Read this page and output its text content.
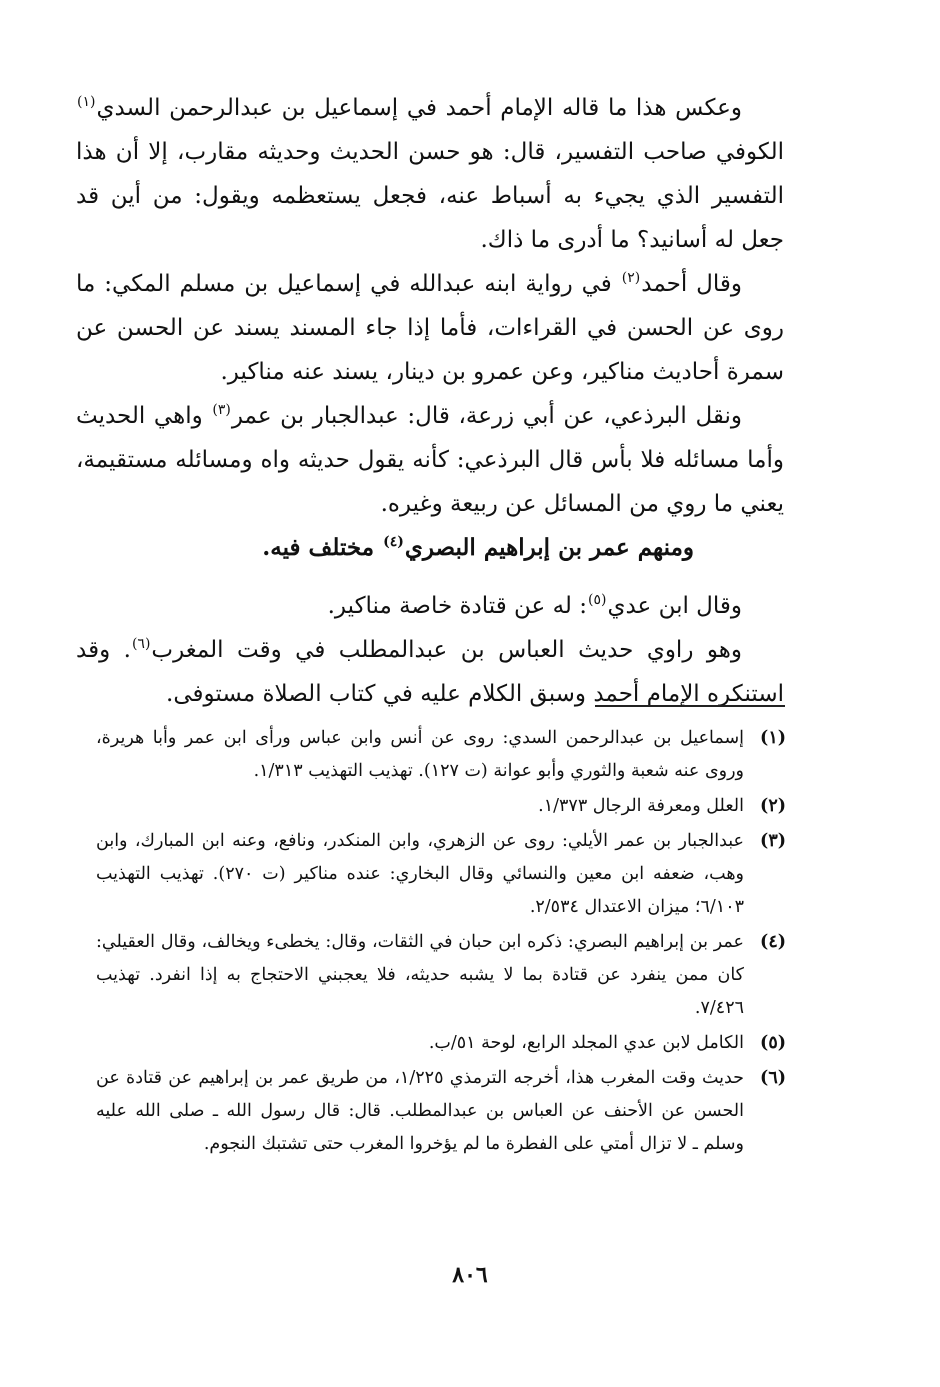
وعكس هذا ما قاله الإمام أحمد في إسماعيل بن عبدالرحمن السدي$^{(١)}$ الكوفي صاحب التفسير، قال: هو حسن الحديث وحديثه مقارب، إلا أن هذا التفسير الذي يجيء به أسباط عنه، فجعل يستعظمه ويقول: من أين قد جعل له أسانيد؟ ما أدرى ما ذاك.

وقال أحمد$^{(٢)}$ في رواية ابنه عبدالله في إسماعيل بن مسلم المكي: ما روى عن الحسن في القراءات، فأما إذا جاء المسند يسند عن الحسن عن سمرة أحاديث مناكير، وعن عمرو بن دينار، يسند عنه مناكير.

ونقل البرذعي، عن أبي زرعة، قال: عبدالجبار بن عمر$^{(٣)}$ واهي الحديث وأما مسائله فلا بأس قال البرذعي: كأنه يقول حديثه واه ومسائله مستقيمة، يعني ما روي من المسائل عن ربيعة وغيره.

ومنهم عمر بن إبراهيم البصري$^{(٤)}$ مختلف فيه.

وقال ابن عدي$^{(٥)}$: له عن قتادة خاصة مناكير.

وهو راوي حديث العباس بن عبدالمطلب في وقت المغرب$^{(٦)}$. وقد استنكره الإمام أحمد وسبق الكلام عليه في كتاب الصلاة مستوفى.

(١)
إسماعيل بن عبدالرحمن السدي: روى عن أنس وابن عباس ورأى ابن عمر وأبا هريرة، وروى عنه شعبة والثوري وأبو عوانة (ت ١٢٧). تهذيب التهذيب ١/٣١٣.
(٢)
العلل ومعرفة الرجال ١/٣٧٣.
(٣)
عبدالجبار بن عمر الأيلي: روى عن الزهري، وابن المنكدر، ونافع، وعنه ابن المبارك، وابن وهب، ضعفه ابن معين والنسائي وقال البخاري: عنده مناكير (ت ٢٧٠). تهذيب التهذيب ٦/١٠٣؛ ميزان الاعتدال ٢/٥٣٤.
(٤)
عمر بن إبراهيم البصري: ذكره ابن حبان في الثقات، وقال: يخطىء ويخالف، وقال العقيلي: كان ممن ينفرد عن قتادة بما لا يشبه حديثه، فلا يعجبني الاحتجاج به إذا انفرد. تهذيب ٧/٤٢٦.
(٥)
الكامل لابن عدي المجلد الرابع، لوحة ٥١/ب.
(٦)
حديث وقت المغرب هذا، أخرجه الترمذي ١/٢٢٥، من طريق عمر بن إبراهيم عن قتادة عن الحسن عن الأحنف عن العباس بن عبدالمطلب. قال: قال رسول الله ـ صلى الله عليه وسلم ـ لا تزال أمتي على الفطرة ما لم يؤخروا المغرب حتى تشتبك النجوم.
٨٠٦
